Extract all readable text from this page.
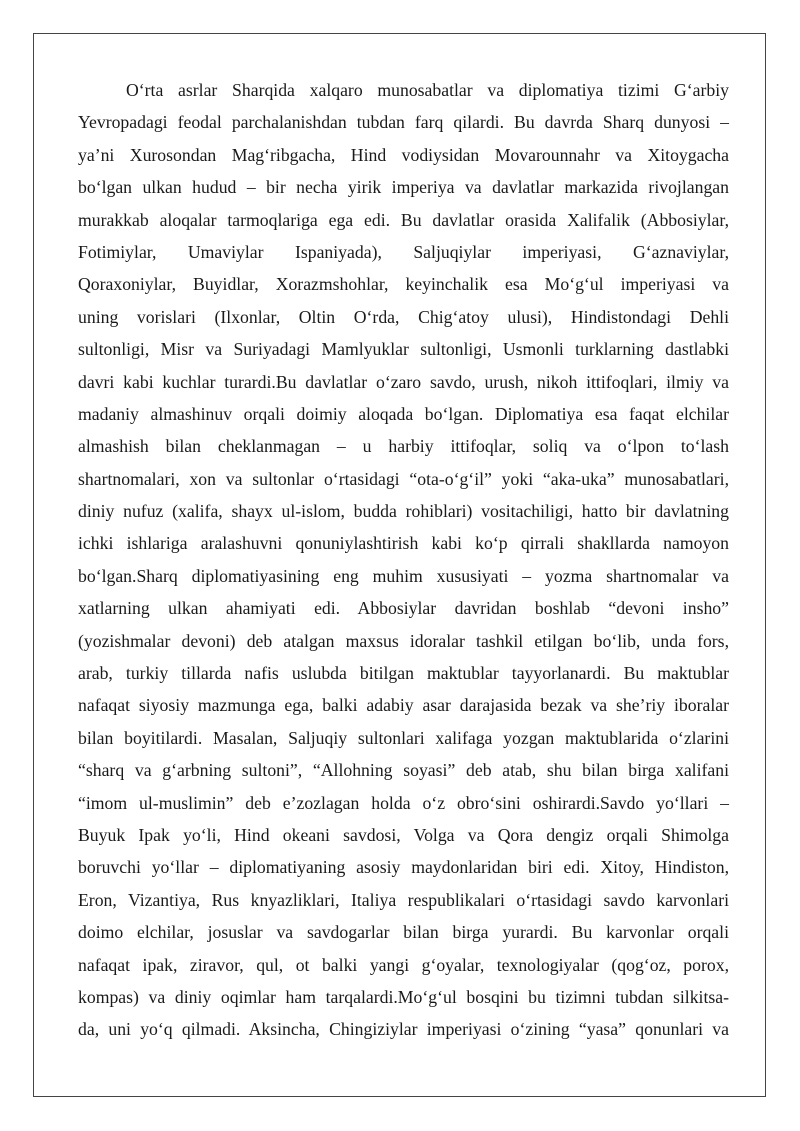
O‘rta asrlar Sharqida xalqaro munosabatlar va diplomatiya tizimi G‘arbiy
Yevropadagi feodal parchalanishdan tubdan farq qilardi. Bu davrda Sharq dunyosi –
ya’ni Xurosondan Mag‘ribgacha, Hind vodiysidan Movarounnahr va Xitoygacha
bo‘lgan ulkan hudud – bir necha yirik imperiya va davlatlar markazida rivojlangan
murakkab aloqalar tarmoqlariga ega edi. Bu davlatlar orasida Xalifalik (Abbosiylar,
Fotimiylar, Umaviylar Ispaniyada), Saljuqiylar imperiyasi, G‘aznaviylar,
Qoraxoniylar, Buyidlar, Xorazmshohlar, keyinchalik esa Mo‘g‘ul imperiyasi va
uning vorislari (Ilxonlar, Oltin O‘rda, Chig‘atoy ulusi), Hindistondagi Dehli
sultonligi, Misr va Suriyadagi Mamlyuklar sultonligi, Usmonli turklarning dastlabki
davri kabi kuchlar turardi.Bu davlatlar o‘zaro savdo, urush, nikoh ittifoqlari, ilmiy va
madaniy almashinuv orqali doimiy aloqada bo‘lgan. Diplomatiya esa faqat elchilar
almashish bilan cheklanmagan – u harbiy ittifoqlar, soliq va o‘lpon to‘lash
shartnomalari, xon va sultonlar o‘rtasidagi “ota-o‘g‘il” yoki “aka-uka” munosabatlari,
diniy nufuz (xalifa, shayx ul-islom, budda rohiblari) vositachiligi, hatto bir davlatning
ichki ishlariga aralashuvni qonuniylashtirish kabi ko‘p qirrali shakllarda namoyon
bo‘lgan.Sharq diplomatiyasining eng muhim xususiyati – yozma shartnomalar va
xatlarning ulkan ahamiyati edi. Abbosiylar davridan boshlab “devoni insho”
(yozishmalar devoni) deb atalgan maxsus idoralar tashkil etilgan bo‘lib, unda fors,
arab, turkiy tillarda nafis uslubda bitilgan maktublar tayyorlanardi. Bu maktublar
nafaqat siyosiy mazmunga ega, balki adabiy asar darajasida bezak va she’riy iboralar
bilan boyitilardi. Masalan, Saljuqiy sultonlari xalifaga yozgan maktublarida o‘zlarini
“sharq va g‘arbning sultoni”, “Allohning soyasi” deb atab, shu bilan birga xalifani
“imom ul-muslimin” deb e’zozlagan holda o‘z obro‘sini oshirardi.Savdo yo‘llari –
Buyuk Ipak yo‘li, Hind okeani savdosi, Volga va Qora dengiz orqali Shimolga
boruvchi yo‘llar – diplomatiyaning asosiy maydonlaridan biri edi. Xitoy, Hindiston,
Eron, Vizantiya, Rus knyazliklari, Italiya respublikalari o‘rtasidagi savdo karvonlari
doimo elchilar, josuslar va savdogarlar bilan birga yurardi. Bu karvonlar orqali
nafaqat ipak, ziravor, qul, ot balki yangi g‘oyalar, texnologiyalar (qog‘oz, porox,
kompas) va diniy oqimlar ham tarqalardi.Mo‘g‘ul bosqini bu tizimni tubdan silkitsa-
da, uni yo‘q qilmadi. Aksincha, Chingiziylar imperiyasi o‘zining “yasa” qonunlari va
